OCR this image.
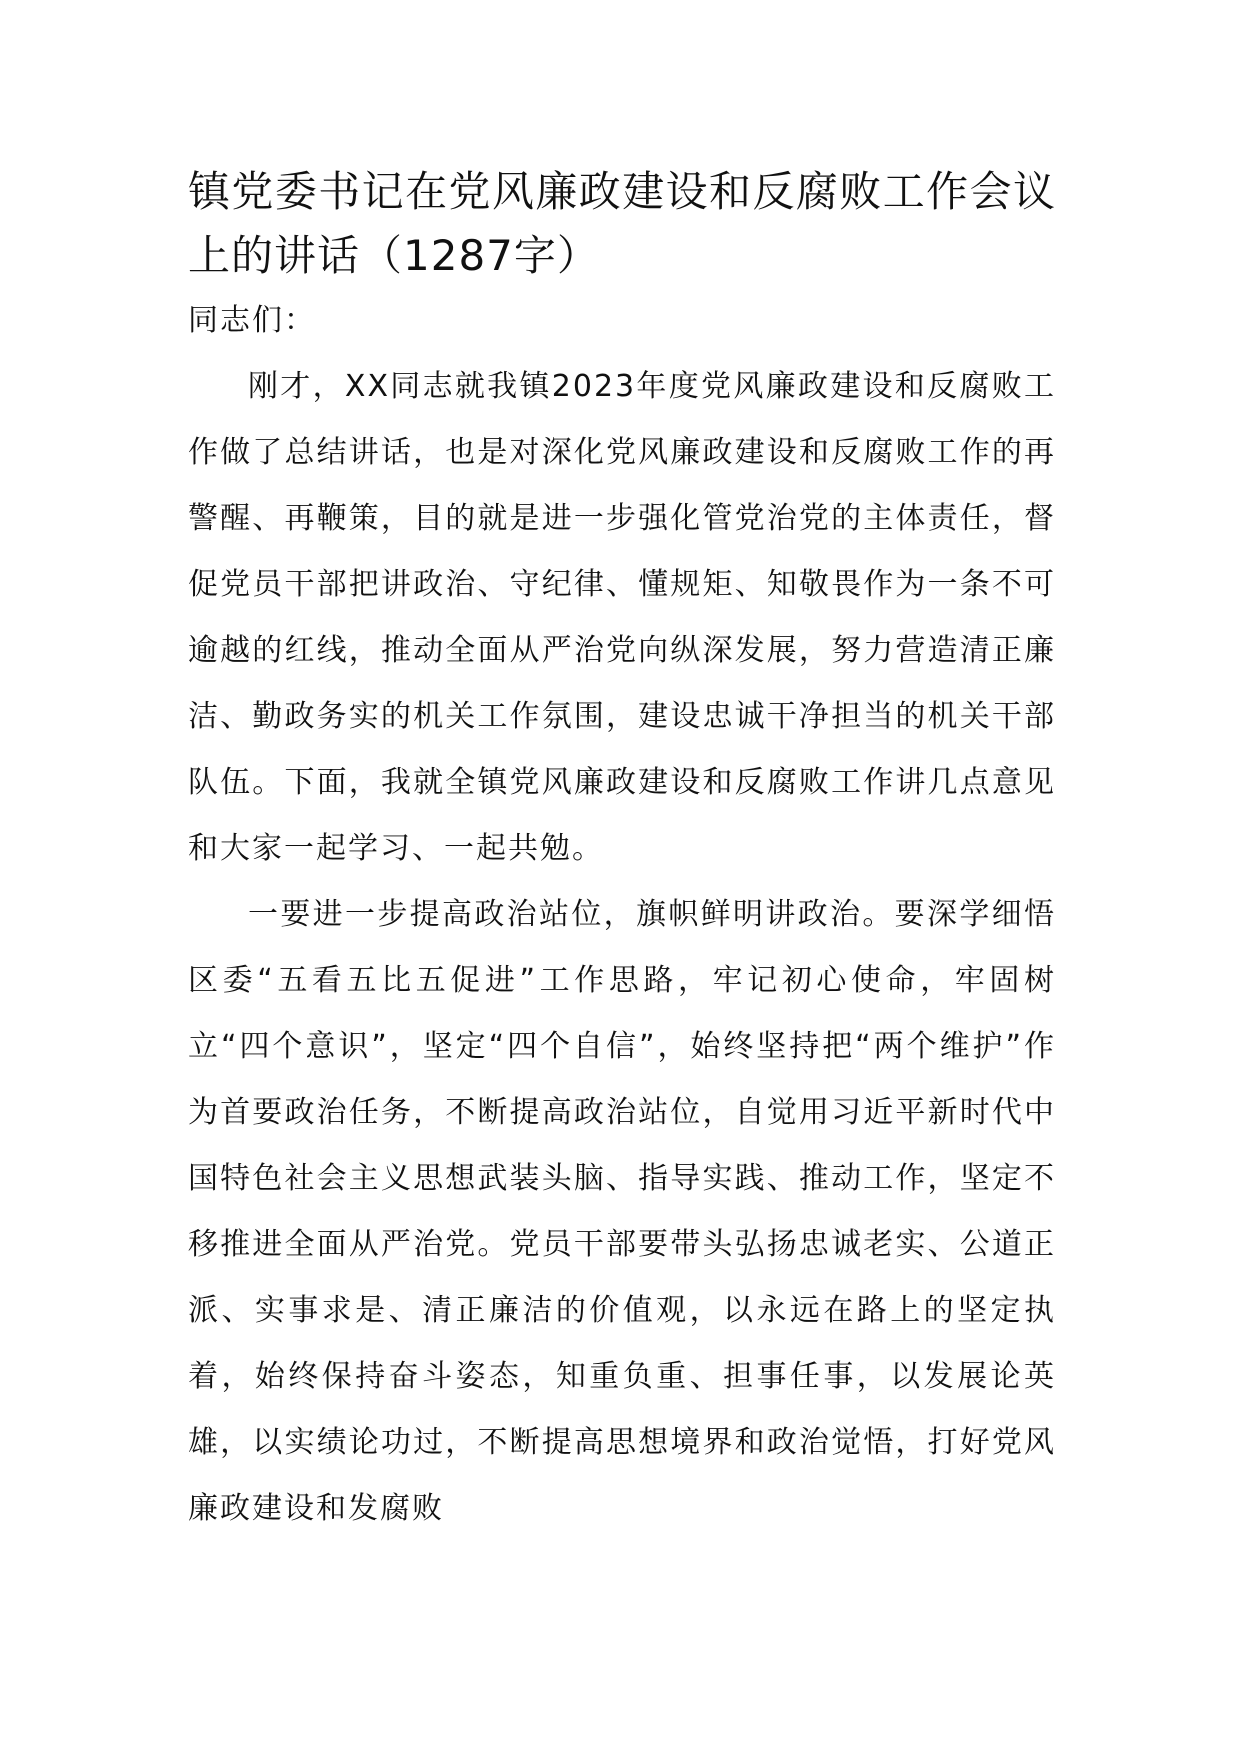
镇党委书记在党风廉政建设和反腐败工作会议上的讲话（1287字）

同志们：

刚才，XX同志就我镇2023年度党风廉政建设和反腐败工作做了总结讲话，也是对深化党风廉政建设和反腐败工作的再警醒、再鞭策，目的就是进一步强化管党治党的主体责任，督促党员干部把讲政治、守纪律、懂规矩、知敬畏作为一条不可逾越的红线，推动全面从严治党向纵深发展，努力营造清正廉洁、勤政务实的机关工作氛围，建设忠诚干净担当的机关干部队伍。下面，我就全镇党风廉政建设和反腐败工作讲几点意见和大家一起学习、一起共勉。

一要进一步提高政治站位，旗帜鲜明讲政治。要深学细悟区委“五看五比五促进”工作思路，牢记初心使命，牢固树立“四个意识”，坚定“四个自信”，始终坚持把“两个维护”作为首要政治任务，不断提高政治站位，自觉用习近平新时代中国特色社会主义思想武装头脑、指导实践、推动工作，坚定不移推进全面从严治党。党员干部要带头弘扬忠诚老实、公道正派、实事求是、清正廉洁的价值观，以永远在路上的坚定执着，始终保持奋斗姿态，知重负重、担事任事，以发展论英雄，以实绩论功过，不断提高思想境界和政治觉悟，打好党风廉政建设和发腐败
